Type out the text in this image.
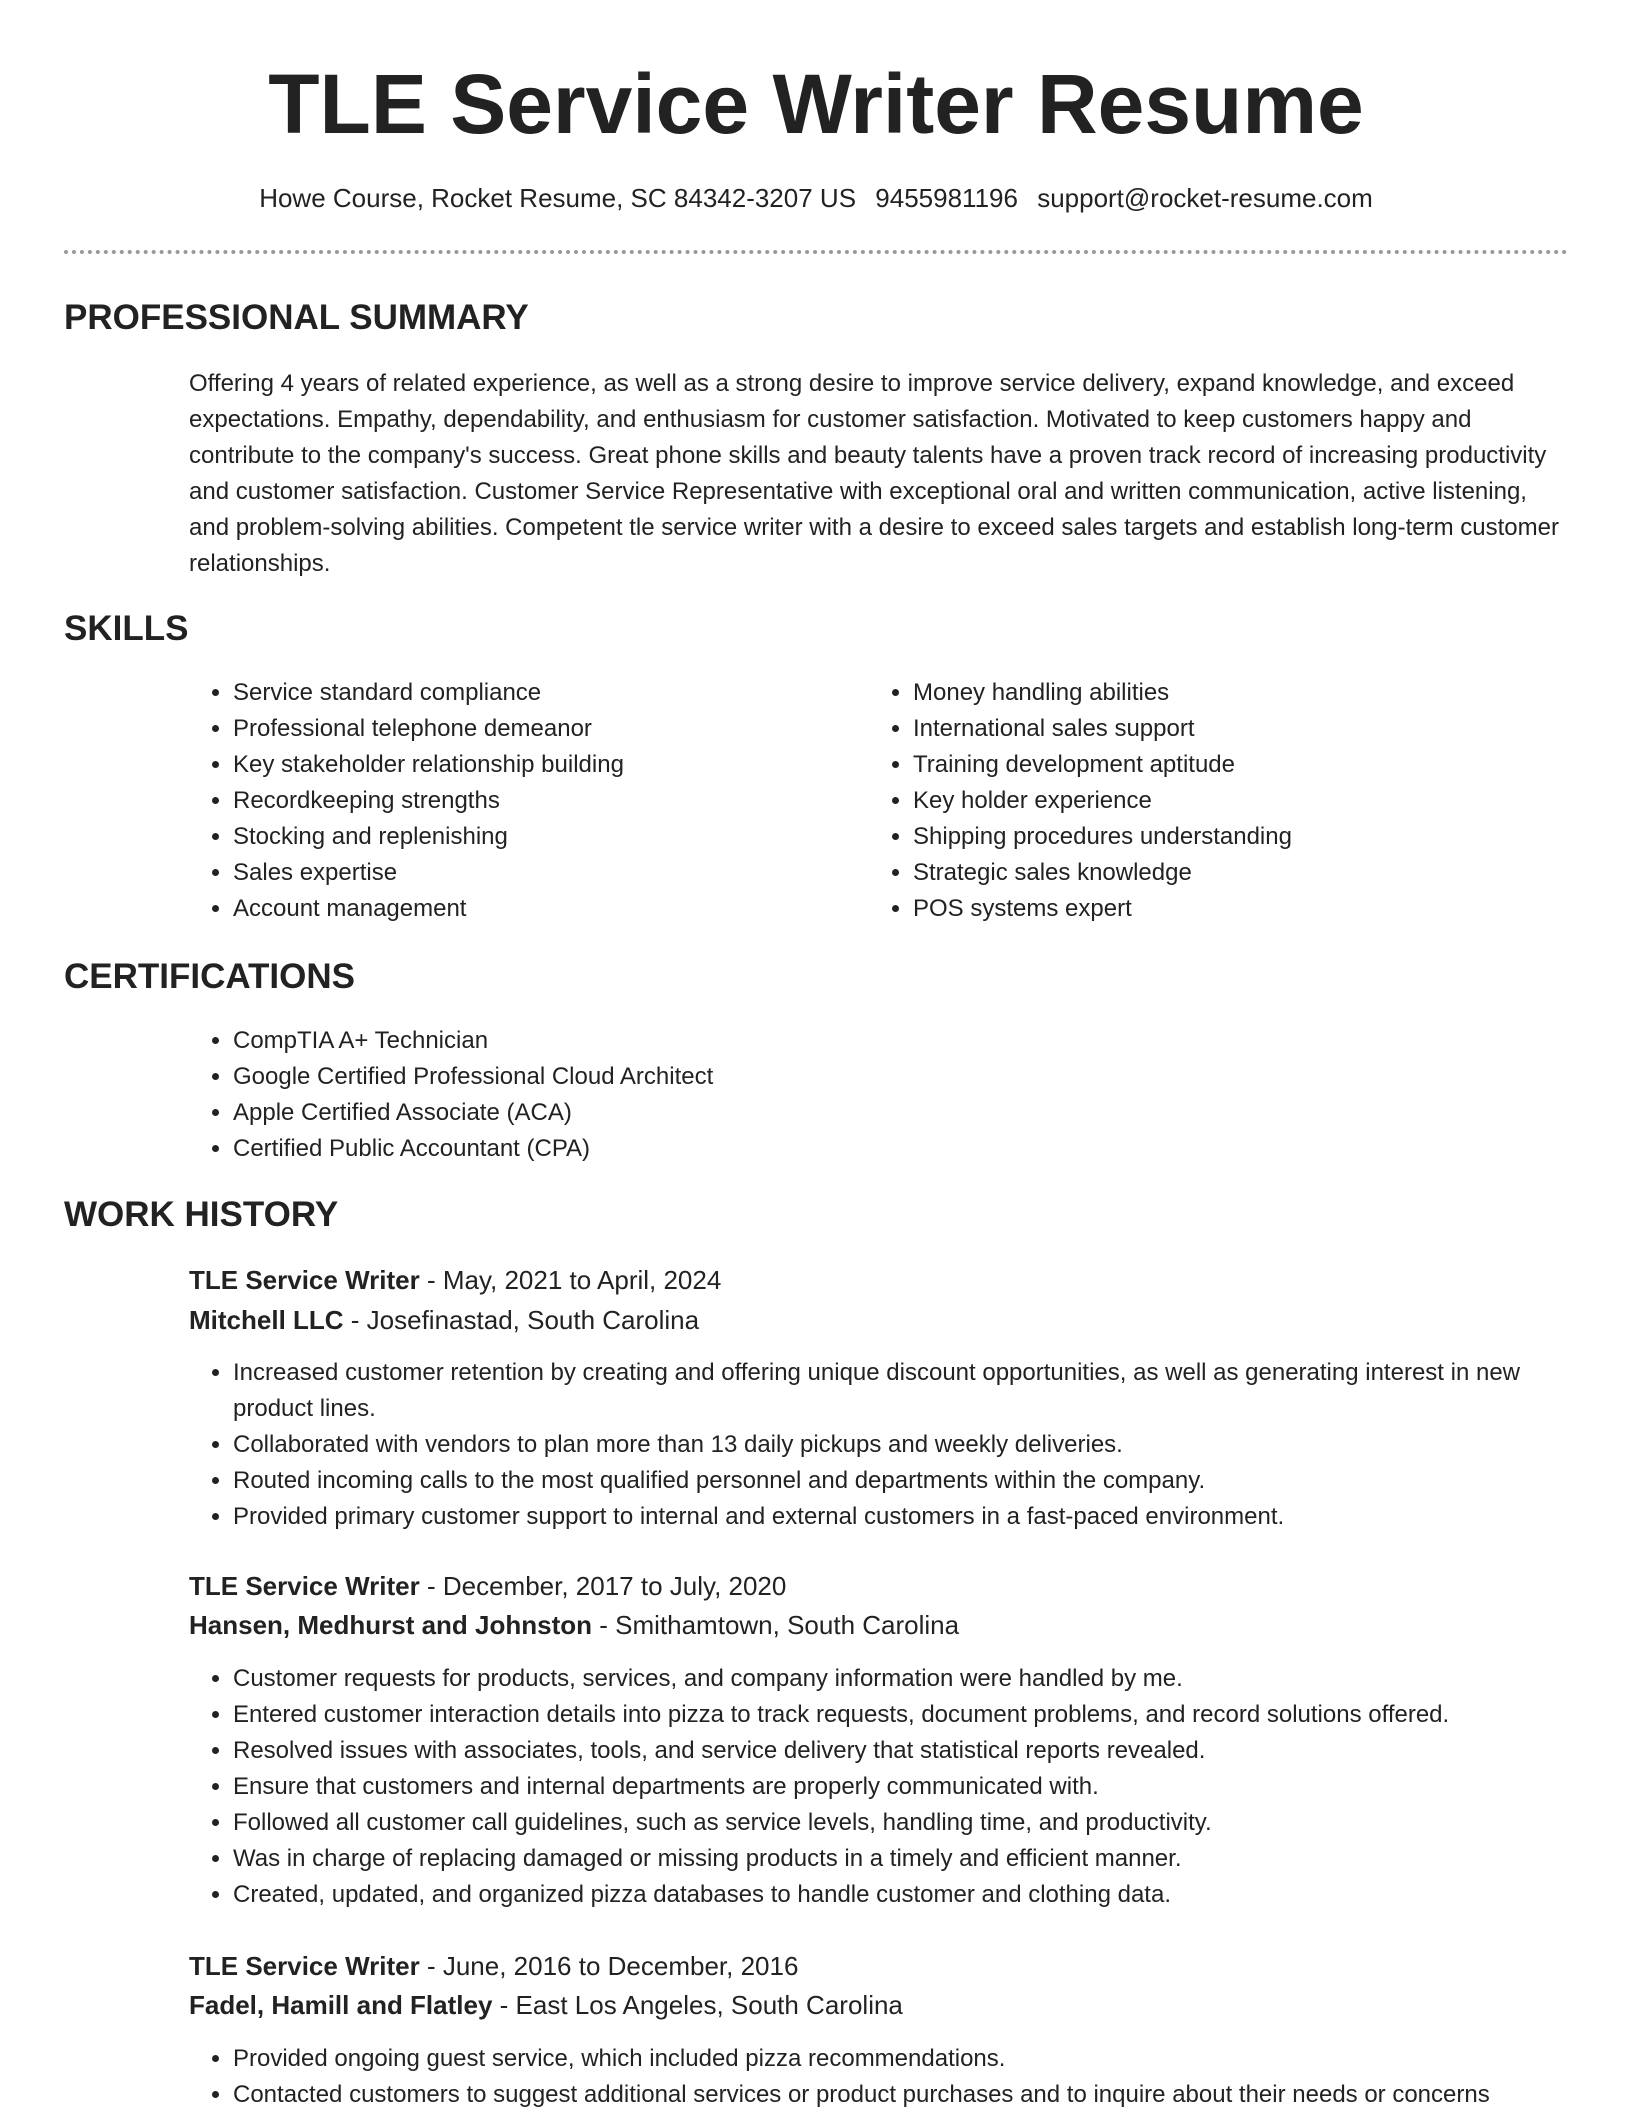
TLE Service Writer Resume
Howe Course, Rocket Resume, SC 84342-3207 US 9455981196 support@rocket-resume.com
PROFESSIONAL SUMMARY

Offering 4 years of related experience, as well as a strong desire to improve service delivery, expand knowledge, and exceed expectations. Empathy, dependability, and enthusiasm for customer satisfaction. Motivated to keep customers happy and contribute to the company's success. Great phone skills and beauty talents have a proven track record of increasing productivity and customer satisfaction. Customer Service Representative with exceptional oral and written communication, active listening, and problem-solving abilities. Competent tle service writer with a desire to exceed sales targets and establish long-term customer relationships.

SKILLS
• Service standard compliance
• Professional telephone demeanor
• Key stakeholder relationship building
• Recordkeeping strengths
• Stocking and replenishing
• Sales expertise
• Account management
• Money handling abilities
• International sales support
• Training development aptitude
• Key holder experience
• Shipping procedures understanding
• Strategic sales knowledge
• POS systems expert
CERTIFICATIONS
• CompTIA A+ Technician
• Google Certified Professional Cloud Architect
• Apple Certified Associate (ACA)
• Certified Public Accountant (CPA)
WORK HISTORY

TLE Service Writer - May, 2021 to April, 2024

Mitchell LLC - Josefinastad, South Carolina

• Increased customer retention by creating and offering unique discount opportunities, as well as generating interest in new product lines.
• Collaborated with vendors to plan more than 13 daily pickups and weekly deliveries.
• Routed incoming calls to the most qualified personnel and departments within the company.
• Provided primary customer support to internal and external customers in a fast-paced environment.

TLE Service Writer - December, 2017 to July, 2020

Hansen, Medhurst and Johnston - Smithamtown, South Carolina

• Customer requests for products, services, and company information were handled by me.
• Entered customer interaction details into pizza to track requests, document problems, and record solutions offered.
• Resolved issues with associates, tools, and service delivery that statistical reports revealed.
• Ensure that customers and internal departments are properly communicated with.
• Followed all customer call guidelines, such as service levels, handling time, and productivity.
• Was in charge of replacing damaged or missing products in a timely and efficient manner.
• Created, updated, and organized pizza databases to handle customer and clothing data.

TLE Service Writer - June, 2016 to December, 2016

Fadel, Hamill and Flatley - East Los Angeles, South Carolina

• Provided ongoing guest service, which included pizza recommendations.
• Contacted customers to suggest additional services or product purchases and to inquire about their needs or concerns
